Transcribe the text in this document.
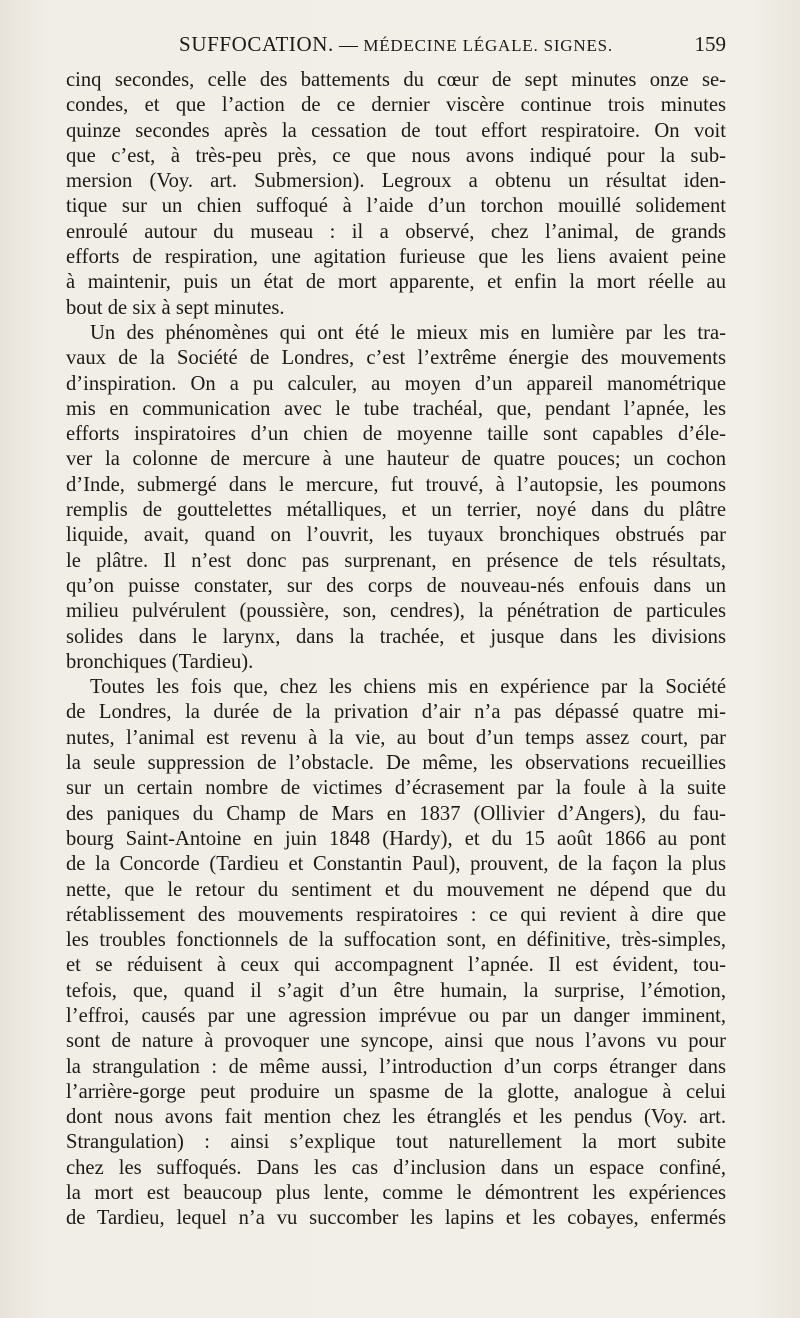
SUFFOCATION. — MÉDECINE LÉGALE. SIGNES.	159
cinq secondes, celle des battements du cœur de sept minutes onze se-
condes, et que l’action de ce dernier viscère continue trois minutes
quinze secondes après la cessation de tout effort respiratoire. On voit
que c’est, à très-peu près, ce que nous avons indiqué pour la sub-
mersion (Voy. art. Submersion). Legroux a obtenu un résultat iden-
tique sur un chien suffoqué à l’aide d’un torchon mouillé solidement
enroulé autour du museau : il a observé, chez l’animal, de grands
efforts de respiration, une agitation furieuse que les liens avaient peine
à maintenir, puis un état de mort apparente, et enfin la mort réelle au
bout de six à sept minutes.
Un des phénomènes qui ont été le mieux mis en lumière par les tra-
vaux de la Société de Londres, c’est l’extrême énergie des mouvements
d’inspiration. On a pu calculer, au moyen d’un appareil manométrique
mis en communication avec le tube trachéal, que, pendant l’apnée, les
efforts inspiratoires d’un chien de moyenne taille sont capables d’éle-
ver la colonne de mercure à une hauteur de quatre pouces; un cochon
d’Inde, submergé dans le mercure, fut trouvé, à l’autopsie, les poumons
remplis de gouttelettes métalliques, et un terrier, noyé dans du plâtre
liquide, avait, quand on l’ouvrit, les tuyaux bronchiques obstrués par
le plâtre. Il n’est donc pas surprenant, en présence de tels résultats,
qu’on puisse constater, sur des corps de nouveau-nés enfouis dans un
milieu pulvérulent (poussière, son, cendres), la pénétration de particules
solides dans le larynx, dans la trachée, et jusque dans les divisions
bronchiques (Tardieu).
Toutes les fois que, chez les chiens mis en expérience par la Société
de Londres, la durée de la privation d’air n’a pas dépassé quatre mi-
nutes, l’animal est revenu à la vie, au bout d’un temps assez court, par
la seule suppression de l’obstacle. De même, les observations recueillies
sur un certain nombre de victimes d’écrasement par la foule à la suite
des paniques du Champ de Mars en 1837 (Ollivier d’Angers), du fau-
bourg Saint-Antoine en juin 1848 (Hardy), et du 15 août 1866 au pont
de la Concorde (Tardieu et Constantin Paul), prouvent, de la façon la plus
nette, que le retour du sentiment et du mouvement ne dépend que du
rétablissement des mouvements respiratoires : ce qui revient à dire que
les troubles fonctionnels de la suffocation sont, en définitive, très-simples,
et se réduisent à ceux qui accompagnent l’apnée. Il est évident, tou-
tefois, que, quand il s’agit d’un être humain, la surprise, l’émotion,
l’effroi, causés par une agression imprévue ou par un danger imminent,
sont de nature à provoquer une syncope, ainsi que nous l’avons vu pour
la strangulation : de même aussi, l’introduction d’un corps étranger dans
l’arrière-gorge peut produire un spasme de la glotte, analogue à celui
dont nous avons fait mention chez les étranglés et les pendus (Voy. art.
Strangulation) : ainsi s’explique tout naturellement la mort subite
chez les suffoqués. Dans les cas d’inclusion dans un espace confiné,
la mort est beaucoup plus lente, comme le démontrent les expériences
de Tardieu, lequel n’a vu succomber les lapins et les cobayes, enfermés
